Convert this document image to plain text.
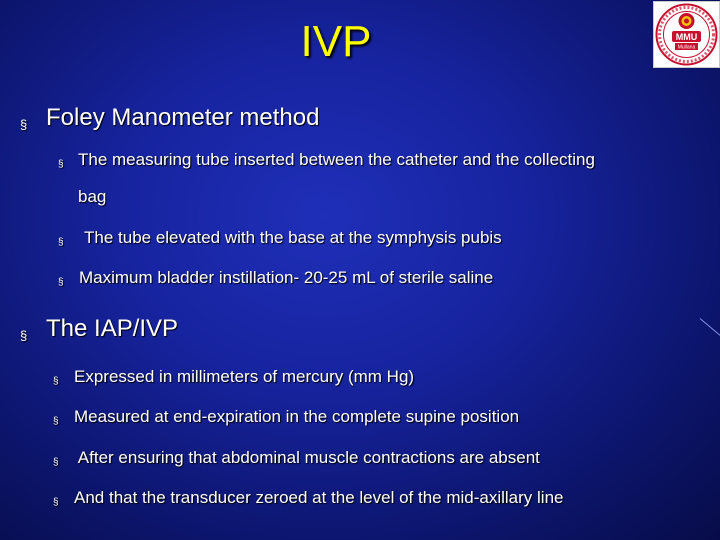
IVP	MMU
Mullana
§ Foley Manometer method
§ The measuring tube inserted between the catheter and the collecting
bag
§ The tube elevated with the base at the symphysis pubis
§ Maximum bladder instillation- 20-25 mL of sterile saline
§ The IAP/IVP
§ Expressed in millimeters of mercury (mm Hg)
§ Measured at end-expiration in the complete supine position
§ After ensuring that abdominal muscle contractions are absent
§ And that the transducer zeroed at the level of the mid-axillary line
